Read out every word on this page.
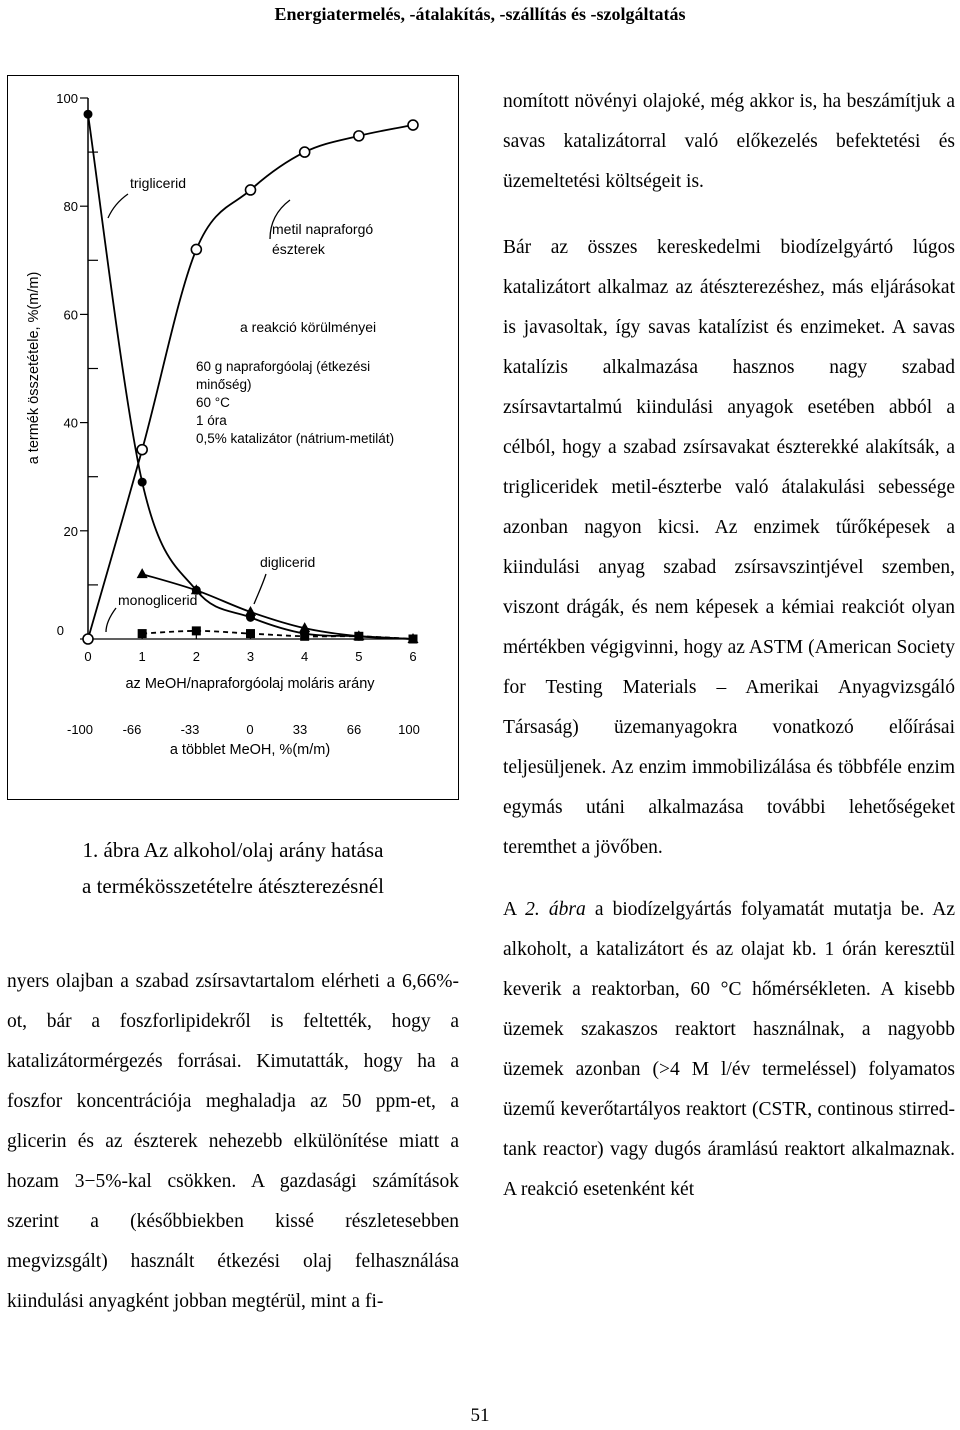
Energiatermelés, -átalakítás, -szállítás és -szolgáltatás
0
20
40
60
80
100
0	1	2	3	4	5	6
az MeOH/napraforgóolaj moláris arány
-100 -66	-33	0	33	66	100
a többlet MeOH, %(m/m)
a termék összetétele, %(m/m)
triglicerid
metil napraforgó
észterek
a reakció körülményei
60 g napraforgóolaj (étkezési
minőség)
60 °C
1 óra
0,5% katalizátor (nátrium-metilát)
diglicerid
monoglicerid
1. ábra Az alkohol/olaj arány hatása
a termékösszetételre átészterezésnél

nyers olajban a szabad zsírsavtartalom elérheti a 6,66%-ot, bár a foszforlipidekről is feltették, hogy a katalizátormérgezés forrásai. Kimutatták, hogy ha a foszfor koncentrációja meghaladja az 50 ppm-et, a glicerin és az észterek nehezebb elkülönítése miatt a hozam 3−5%-kal csökken. A gazdasági számítások szerint a (későbbiekben kissé részletesebben megvizsgált) használt étkezési olaj felhasználása kiindulási anyagként jobban megtérül, mint a fi-

nomított növényi olajoké, még akkor is, ha beszámítjuk a savas katalizátorral való előkezelés befektetési és üzemeltetési költségeit is.

Bár az összes kereskedelmi biodízelgyártó lúgos katalizátort alkalmaz az átészterezéshez, más eljárásokat is javasoltak, így savas katalízist és enzimeket. A savas katalízis alkalmazása hasznos nagy szabad zsírsavtartalmú kiindulási anyagok esetében abból a célból, hogy a szabad zsírsavakat észterekké alakítsák, a trigliceridek metil-észterbe való átalakulási sebessége azonban nagyon kicsi. Az enzimek tűrőképesek a kiindulási anyag szabad zsírsavszintjével szemben, viszont drágák, és nem képesek a kémiai reakciót olyan mértékben végigvinni, hogy az ASTM (American Society for Testing Materials – Amerikai Anyagvizsgáló Társaság) üzemanyagokra vonatkozó előírásai teljesüljenek. Az enzim immobilizálása és többféle enzim egymás utáni alkalmazása további lehetőségeket teremthet a jövőben.

A 2. ábra a biodízelgyártás folyamatát mutatja be. Az alkoholt, a katalizátort és az olajat kb. 1 órán keresztül keverik a reaktorban, 60 °C hőmérsékleten. A kisebb üzemek szakaszos reaktort használnak, a nagyobb üzemek azonban (>4 M l/év termeléssel) folyamatos üzemű keverőtartályos reaktort (CSTR, continous stirred-tank reactor) vagy dugós áramlású reaktort alkalmaznak. A reakció esetenként két

51
